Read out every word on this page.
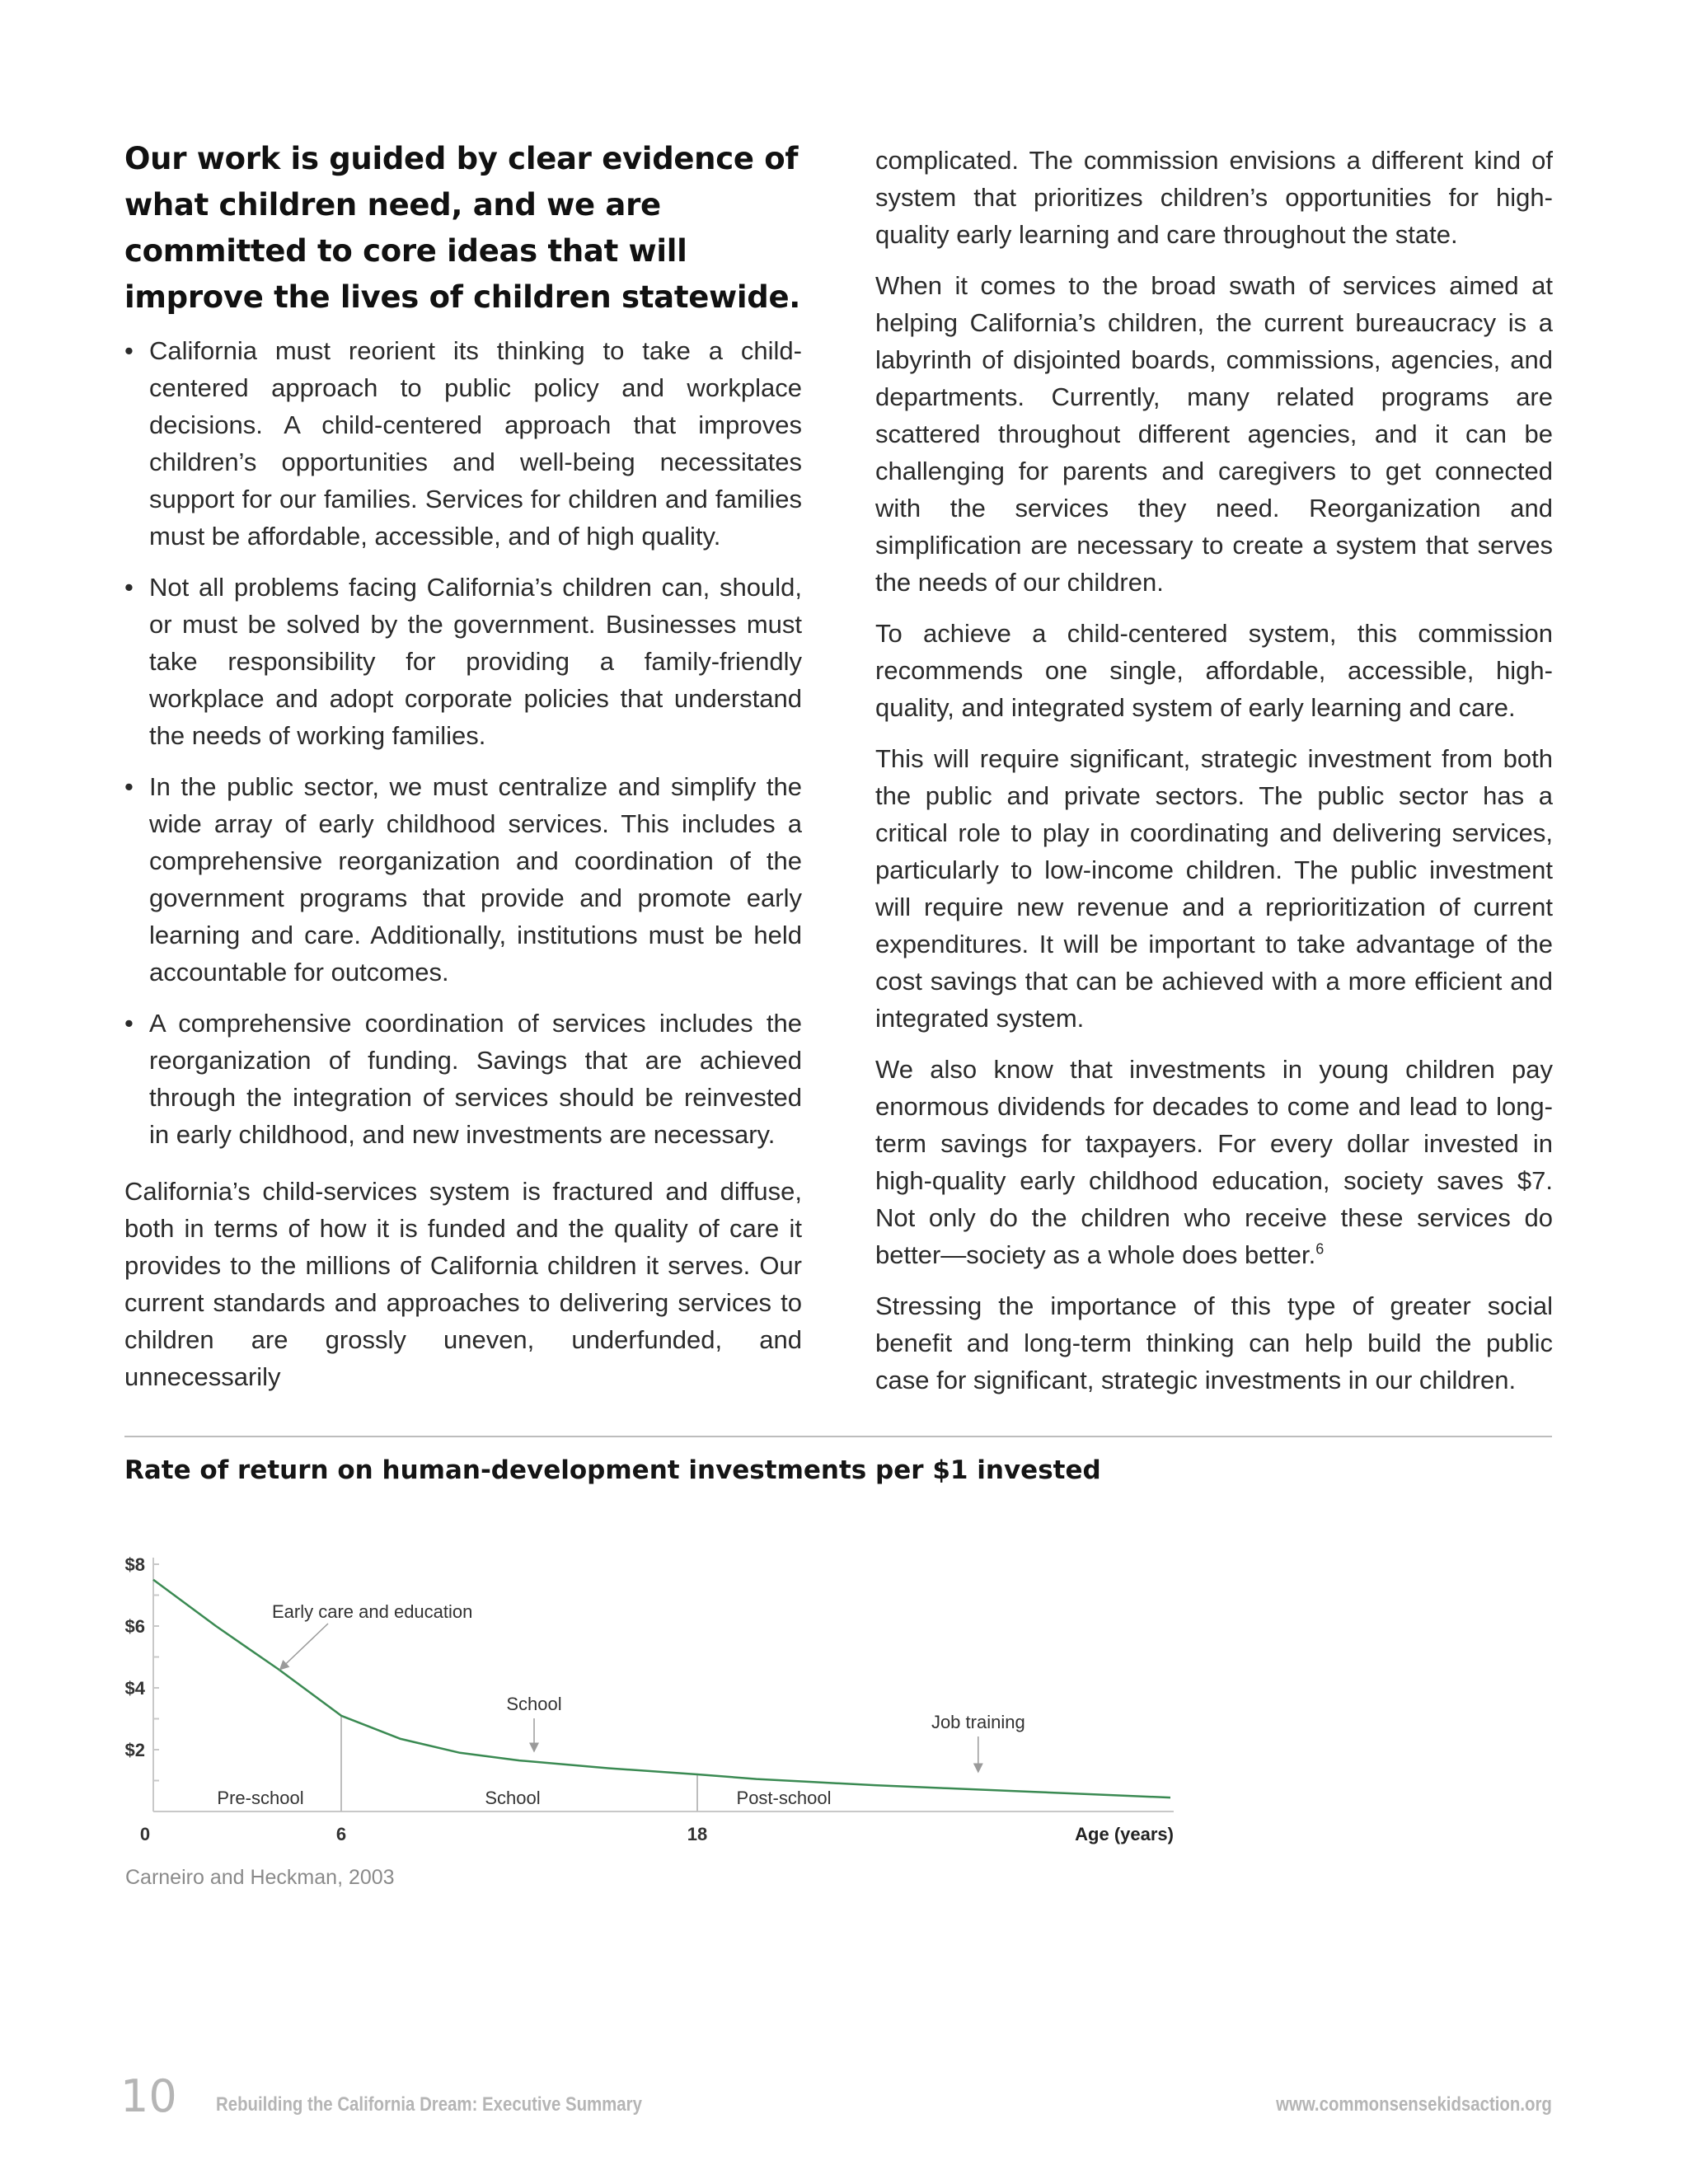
Our work is guided by clear evidence of what children need, and we are committed to core ideas that will improve the lives of children statewide.
• California must reorient its thinking to take a child-centered approach to public policy and workplace decisions. A child-centered approach that improves children’s opportunities and well-being necessitates support for our families. Services for children and families must be affordable, accessible, and of high quality.
• Not all problems facing California’s children can, should, or must be solved by the government. Businesses must take responsibility for providing a family-friendly workplace and adopt corporate policies that understand the needs of working families.
• In the public sector, we must centralize and simplify the wide array of early childhood services. This includes a comprehensive reorganization and coordination of the government programs that provide and promote early learning and care. Additionally, institutions must be held accountable for outcomes.
• A comprehensive coordination of services includes the reorganization of funding. Savings that are achieved through the integration of services should be reinvested in early childhood, and new investments are necessary.

California’s child-services system is fractured and diffuse, both in terms of how it is funded and the quality of care it provides to the millions of California children it serves. Our current standards and approaches to delivering services to children are grossly uneven, underfunded, and unnecessarily

complicated. The commission envisions a different kind of system that prioritizes children’s opportunities for high-quality early learning and care throughout the state.

When it comes to the broad swath of services aimed at helping California’s children, the current bureaucracy is a labyrinth of disjointed boards, commissions, agencies, and departments. Currently, many related programs are scattered throughout different agencies, and it can be challenging for parents and caregivers to get connected with the services they need. Reorganization and simplification are necessary to create a system that serves the needs of our children.

To achieve a child-centered system, this commission recommends one single, affordable, accessible, high-quality, and integrated system of early learning and care.

This will require significant, strategic investment from both the public and private sectors. The public sector has a critical role to play in coordinating and delivering services, particularly to low-income children. The public investment will require new revenue and a reprioritization of current expenditures. It will be important to take advantage of the cost savings that can be achieved with a more efficient and integrated system.

We also know that investments in young children pay enormous dividends for decades to come and lead to long-term savings for taxpayers. For every dollar invested in high-quality early childhood education, society saves $7. Not only do the children who receive these services do better—society as a whole does better.$^6$

Stressing the importance of this type of greater social benefit and long-term thinking can help build the public case for significant, strategic investments in our children.

Rate of return on human-development investments per $1 invested
$8
$6
$4
$2
0	6	18	Age (years)
Pre-school	School	Post-school
Early care and education
School
Job training
Carneiro and Heckman, 2003
10 Rebuilding the California Dream: Executive Summary	www.commonsensekidsaction.org
